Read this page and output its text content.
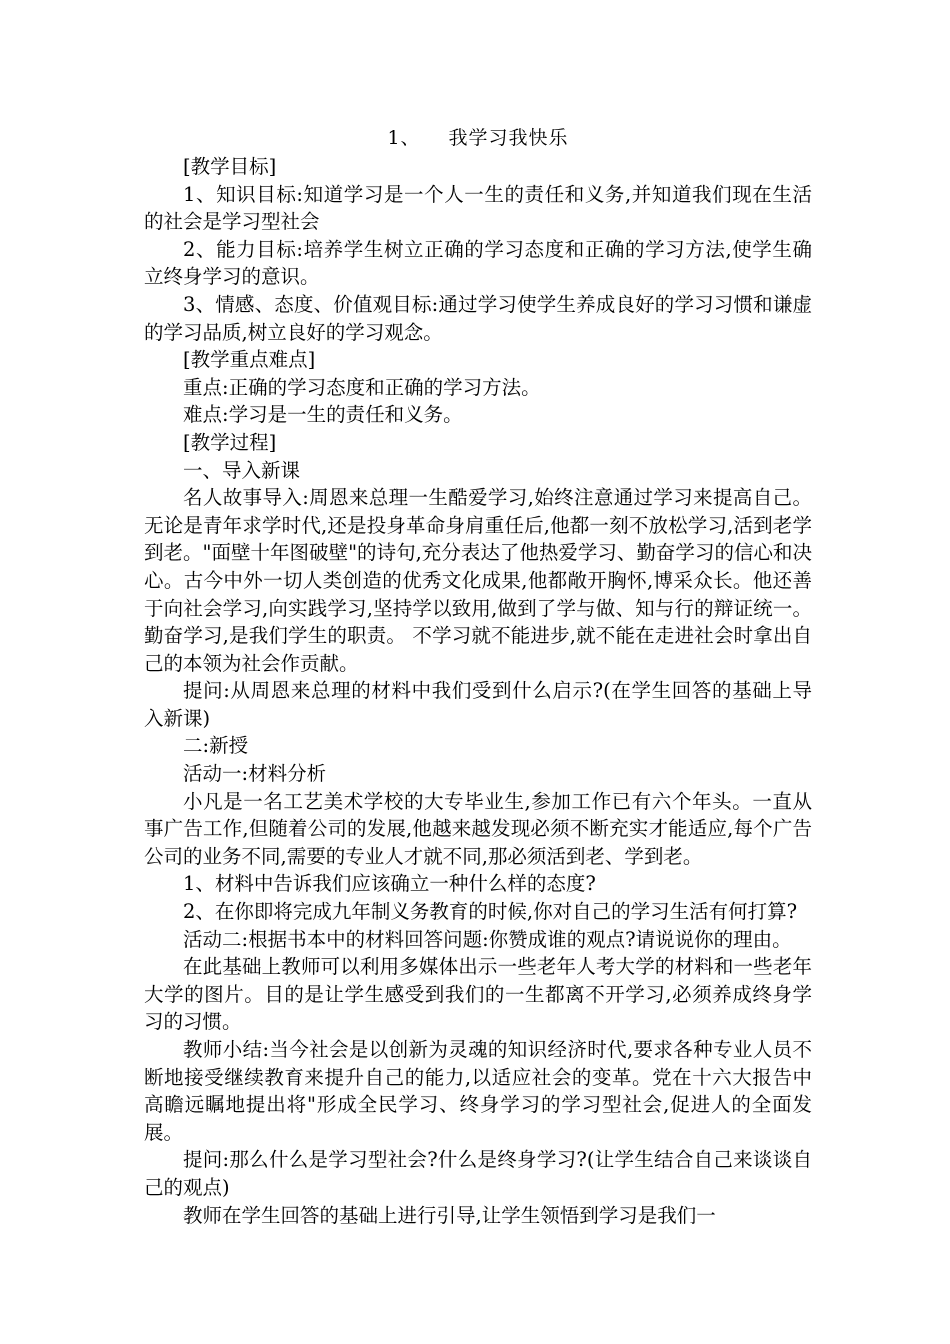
1、 我学习我快乐

[教学目标]

1、知识目标:知道学习是一个人一生的责任和义务,并知道我们现在生活的社会是学习型社会

2、能力目标:培养学生树立正确的学习态度和正确的学习方法,使学生确立终身学习的意识。

3、情感、态度、价值观目标:通过学习使学生养成良好的学习习惯和谦虚的学习品质,树立良好的学习观念。

[教学重点难点]

重点:正确的学习态度和正确的学习方法。

难点:学习是一生的责任和义务。

[教学过程]

一、导入新课

名人故事导入:周恩来总理一生酷爱学习,始终注意通过学习来提高自己。无论是青年求学时代,还是投身革命身肩重任后,他都一刻不放松学习,活到老学到老。"面壁十年图破壁"的诗句,充分表达了他热爱学习、勤奋学习的信心和决心。古今中外一切人类创造的优秀文化成果,他都敞开胸怀,博采众长。他还善于向社会学习,向实践学习,坚持学以致用,做到了学与做、知与行的辩证统一。勤奋学习,是我们学生的职责。 不学习就不能进步,就不能在走进社会时拿出自己的本领为社会作贡献。

提问:从周恩来总理的材料中我们受到什么启示?(在学生回答的基础上导入新课)

二:新授

活动一:材料分析

小凡是一名工艺美术学校的大专毕业生,参加工作已有六个年头。一直从事广告工作,但随着公司的发展,他越来越发现必须不断充实才能适应,每个广告公司的业务不同,需要的专业人才就不同,那必须活到老、学到老。

1、材料中告诉我们应该确立一种什么样的态度?

2、在你即将完成九年制义务教育的时候,你对自己的学习生活有何打算?

活动二:根据书本中的材料回答问题:你赞成谁的观点?请说说你的理由。

在此基础上教师可以利用多媒体出示一些老年人考大学的材料和一些老年大学的图片。目的是让学生感受到我们的一生都离不开学习,必须养成终身学习的习惯。

教师小结:当今社会是以创新为灵魂的知识经济时代,要求各种专业人员不断地接受继续教育来提升自己的能力,以适应社会的变革。党在十六大报告中高瞻远瞩地提出将"形成全民学习、终身学习的学习型社会,促进人的全面发展。

提问:那么什么是学习型社会?什么是终身学习?(让学生结合自己来谈谈自己的观点)

教师在学生回答的基础上进行引导,让学生领悟到学习是我们一
